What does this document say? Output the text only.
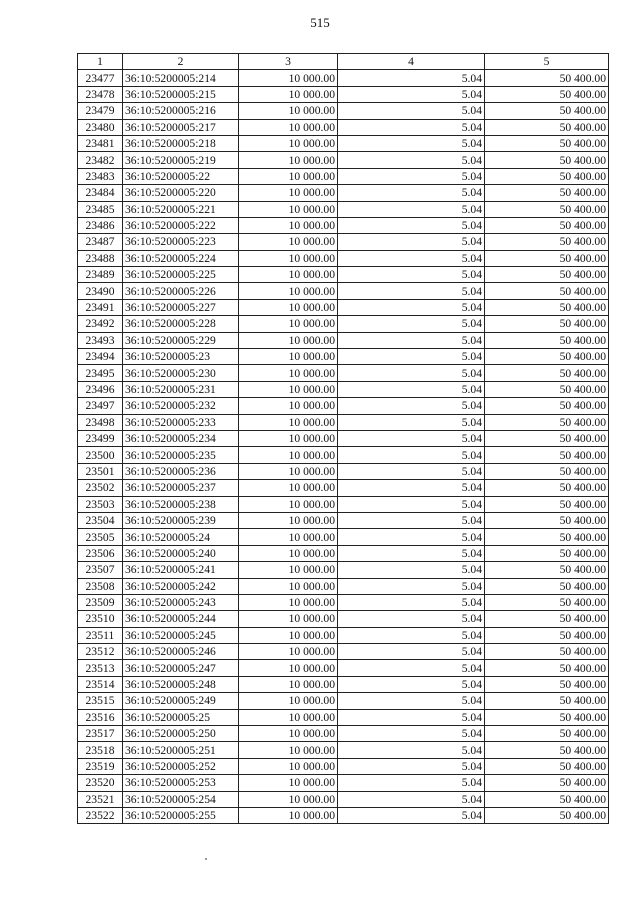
515
1	2	3	4	5
23477	36:10:5200005:214	10 000.00	5.04	50 400.00
23478	36:10:5200005:215	10 000.00	5.04	50 400.00
23479	36:10:5200005:216	10 000.00	5.04	50 400.00
23480	36:10:5200005:217	10 000.00	5.04	50 400.00
23481	36:10:5200005:218	10 000.00	5.04	50 400.00
23482	36:10:5200005:219	10 000.00	5.04	50 400.00
23483	36:10:5200005:22	10 000.00	5.04	50 400.00
23484	36:10:5200005:220	10 000.00	5.04	50 400.00
23485	36:10:5200005:221	10 000.00	5.04	50 400.00
23486	36:10:5200005:222	10 000.00	5.04	50 400.00
23487	36:10:5200005:223	10 000.00	5.04	50 400.00
23488	36:10:5200005:224	10 000.00	5.04	50 400.00
23489	36:10:5200005:225	10 000.00	5.04	50 400.00
23490	36:10:5200005:226	10 000.00	5.04	50 400.00
23491	36:10:5200005:227	10 000.00	5.04	50 400.00
23492	36:10:5200005:228	10 000.00	5.04	50 400.00
23493	36:10:5200005:229	10 000.00	5.04	50 400.00
23494	36:10:5200005:23	10 000.00	5.04	50 400.00
23495	36:10:5200005:230	10 000.00	5.04	50 400.00
23496	36:10:5200005:231	10 000.00	5.04	50 400.00
23497	36:10:5200005:232	10 000.00	5.04	50 400.00
23498	36:10:5200005:233	10 000.00	5.04	50 400.00
23499	36:10:5200005:234	10 000.00	5.04	50 400.00
23500	36:10:5200005:235	10 000.00	5.04	50 400.00
23501	36:10:5200005:236	10 000.00	5.04	50 400.00
23502	36:10:5200005:237	10 000.00	5.04	50 400.00
23503	36:10:5200005:238	10 000.00	5.04	50 400.00
23504	36:10:5200005:239	10 000.00	5.04	50 400.00
23505	36:10:5200005:24	10 000.00	5.04	50 400.00
23506	36:10:5200005:240	10 000.00	5.04	50 400.00
23507	36:10:5200005:241	10 000.00	5.04	50 400.00
23508	36:10:5200005:242	10 000.00	5.04	50 400.00
23509	36:10:5200005:243	10 000.00	5.04	50 400.00
23510	36:10:5200005:244	10 000.00	5.04	50 400.00
23511	36:10:5200005:245	10 000.00	5.04	50 400.00
23512	36:10:5200005:246	10 000.00	5.04	50 400.00
23513	36:10:5200005:247	10 000.00	5.04	50 400.00
23514	36:10:5200005:248	10 000.00	5.04	50 400.00
23515	36:10:5200005:249	10 000.00	5.04	50 400.00
23516	36:10:5200005:25	10 000.00	5.04	50 400.00
23517	36:10:5200005:250	10 000.00	5.04	50 400.00
23518	36:10:5200005:251	10 000.00	5.04	50 400.00
23519	36:10:5200005:252	10 000.00	5.04	50 400.00
23520	36:10:5200005:253	10 000.00	5.04	50 400.00
23521	36:10:5200005:254	10 000.00	5.04	50 400.00
23522	36:10:5200005:255	10 000.00	5.04	50 400.00
